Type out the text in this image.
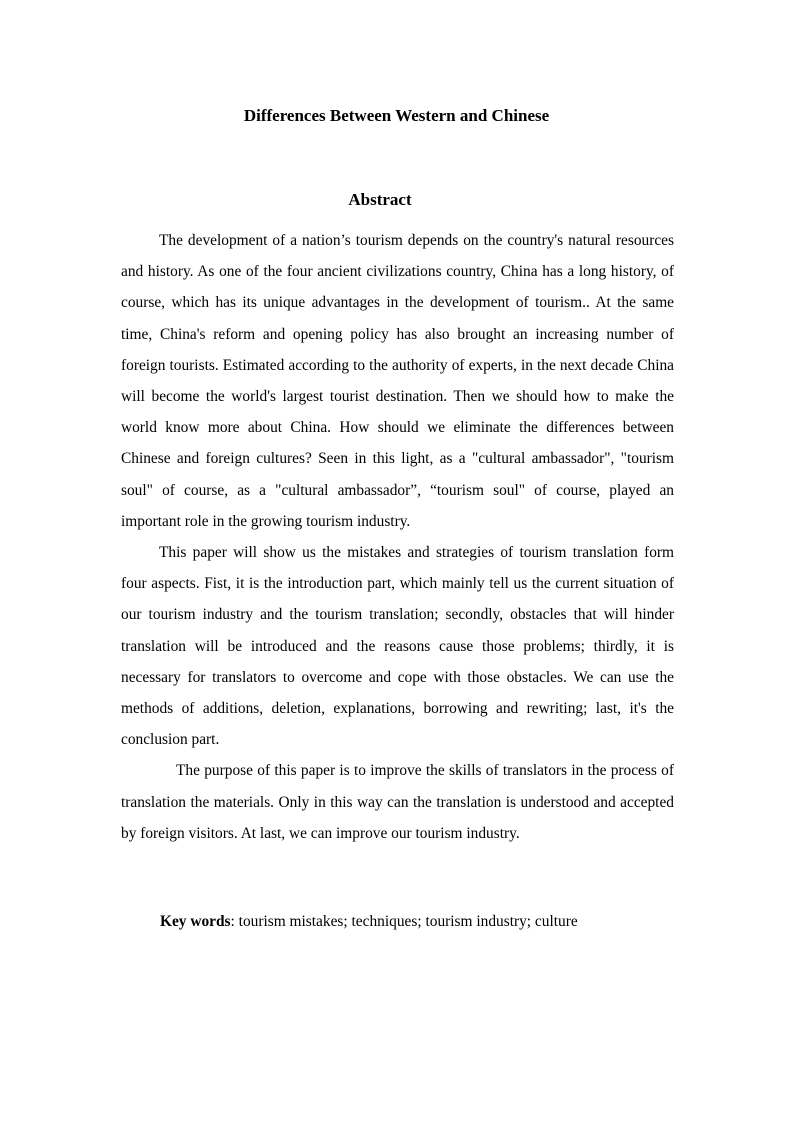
Differences Between Western and Chinese
Abstract

The development of a nation’s tourism depends on the country's natural resources and history. As one of the four ancient civilizations country, China has a long history, of course, which has its unique advantages in the development of tourism.. At the same time, China's reform and opening policy has also brought an increasing number of foreign tourists. Estimated according to the authority of experts, in the next decade China will become the world's largest tourist destination. Then we should how to make the world know more about China. How should we eliminate the differences between Chinese and foreign cultures? Seen in this light, as a "cultural ambassador", "tourism soul" of course, as a "cultural ambassador”, “tourism soul" of course, played an important role in the growing tourism industry.

This paper will show us the mistakes and strategies of tourism translation form four aspects. Fist, it is the introduction part, which mainly tell us the current situation of our tourism industry and the tourism translation; secondly, obstacles that will hinder translation will be introduced and the reasons cause those problems; thirdly, it is necessary for translators to overcome and cope with those obstacles. We can use the methods of additions, deletion, explanations, borrowing and rewriting; last, it's the conclusion part.

The purpose of this paper is to improve the skills of translators in the process of translation the materials. Only in this way can the translation is understood and accepted by foreign visitors. At last, we can improve our tourism industry.

Key words: tourism mistakes; techniques; tourism industry; culture
